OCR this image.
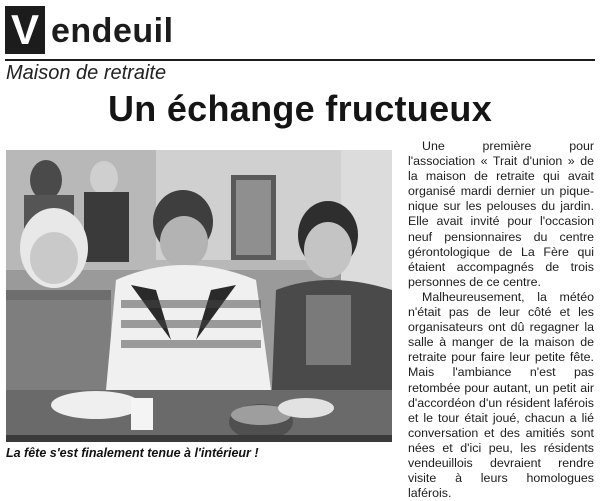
V endeuil
Maison de retraite
Un échange fructueux
La fête s'est finalement tenue à l'intérieur !

Une première pour l'association « Trait d'union » de la maison de retraite qui avait organisé mardi dernier un pique-nique sur les pelouses du jardin. Elle avait invité pour l'occasion neuf pensionnaires du centre gérontologique de La Fère qui étaient accompagnés de trois personnes de ce centre.

Malheureusement, la météo n'était pas de leur côté et les organisateurs ont dû regagner la salle à manger de la maison de retraite pour faire leur petite fête. Mais l'ambiance n'est pas retombée pour autant, un petit air d'accordéon d'un résident laférois et le tour était joué, chacun a lié conversation et des amitiés sont nées et d'ici peu, les résidents vendeuillois devraient rendre visite à leurs homologues laférois.
